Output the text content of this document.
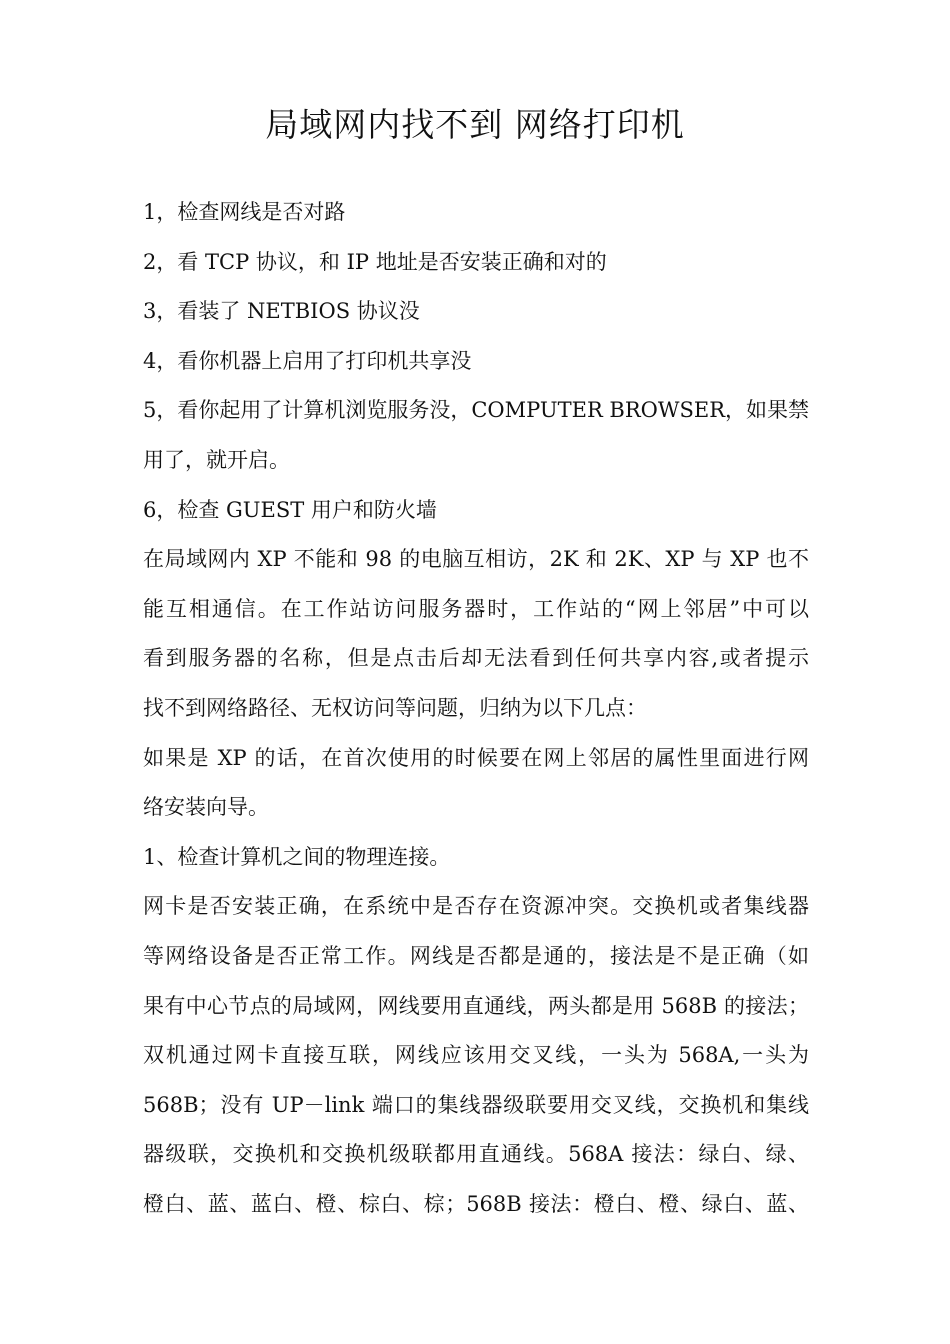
局域网内找不到 网络打印机
1，检查网线是否对路
2，看 TCP 协议，和 IP 地址是否安装正确和对的
3，看装了 NETBIOS 协议没
4，看你机器上启用了打印机共享没
5，看你起用了计算机浏览服务没，COMPUTER BROWSER，如果禁
用了，就开启。
6，检查 GUEST 用户和防火墙
在局域网内 XP 不能和 98 的电脑互相访，2K 和 2K、XP 与 XP 也不
能互相通信。在工作站访问服务器时，工作站的“网上邻居”中可以
看到服务器的名称，但是点击后却无法看到任何共享内容,或者提示
找不到网络路径、无权访问等问题，归纳为以下几点：
如果是 XP 的话，在首次使用的时候要在网上邻居的属性里面进行网
络安装向导。
1、检查计算机之间的物理连接。
网卡是否安装正确，在系统中是否存在资源冲突。交换机或者集线器
等网络设备是否正常工作。网线是否都是通的，接法是不是正确（如
果有中心节点的局域网，网线要用直通线，两头都是用 568B 的接法；
双机通过网卡直接互联，网线应该用交叉线，一头为 568A,一头为
568B；没有 UP－link 端口的集线器级联要用交叉线，交换机和集线
器级联，交换机和交换机级联都用直通线。568A 接法：绿白、绿、
橙白、蓝、蓝白、橙、棕白、棕；568B 接法：橙白、橙、绿白、蓝、
